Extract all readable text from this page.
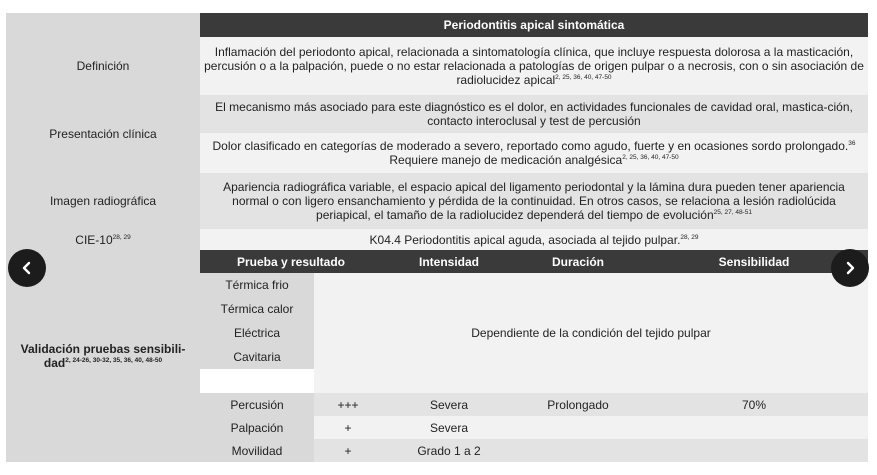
Periodontitis apical sintomática
Definición
Inflamación del periodonto apical, relacionada a sintomatología clínica, que incluye respuesta dolorosa a la masticación, percusión o a la palpación, puede o no estar relacionada a patologías de origen pulpar o a necrosis, con o sin asociación de radiolucidez apical$^{2, 25, 36, 40, 47-50}$
Presentación clínica
El mecanismo más asociado para este diagnóstico es el dolor, en actividades funcionales de cavidad oral, mastica-ción, contacto interoclusal y test de percusión
Dolor clasificado en categorías de moderado a severo, reportado como agudo, fuerte y en ocasiones sordo prolongado.$^{36}$ Requiere manejo de medicación analgésica$^{2, 25, 36, 40, 47-50}$
Imagen radiográfica
Apariencia radiográfica variable, el espacio apical del ligamento periodontal y la lámina dura pueden tener apariencia normal o con ligero ensanchamiento y pérdida de la continuidad. En otros casos, se relaciona a lesión radiolúcida periapical, el tamaño de la radiolucidez dependerá del tiempo de evolución$^{25, 27, 48-51}$
CIE-10$^{28, 29}$	K04.4 Periodontitis apical aguda, asociada al tejido pulpar.$^{28, 29}$
Validación pruebas sensibili-dad$^{2, 24-26, 30-32, 35, 36, 40, 48-50}$
Prueba y resultado	Intensidad	Duración	Sensibilidad
Térmica frio
Térmica calor
Eléctrica
Cavitaria
Dependiente de la condición del tejido pulpar
Percusión	+++	Severa	Prolongado	70%
Palpación	+	Severa
Movilidad	+	Grado 1 a 2
